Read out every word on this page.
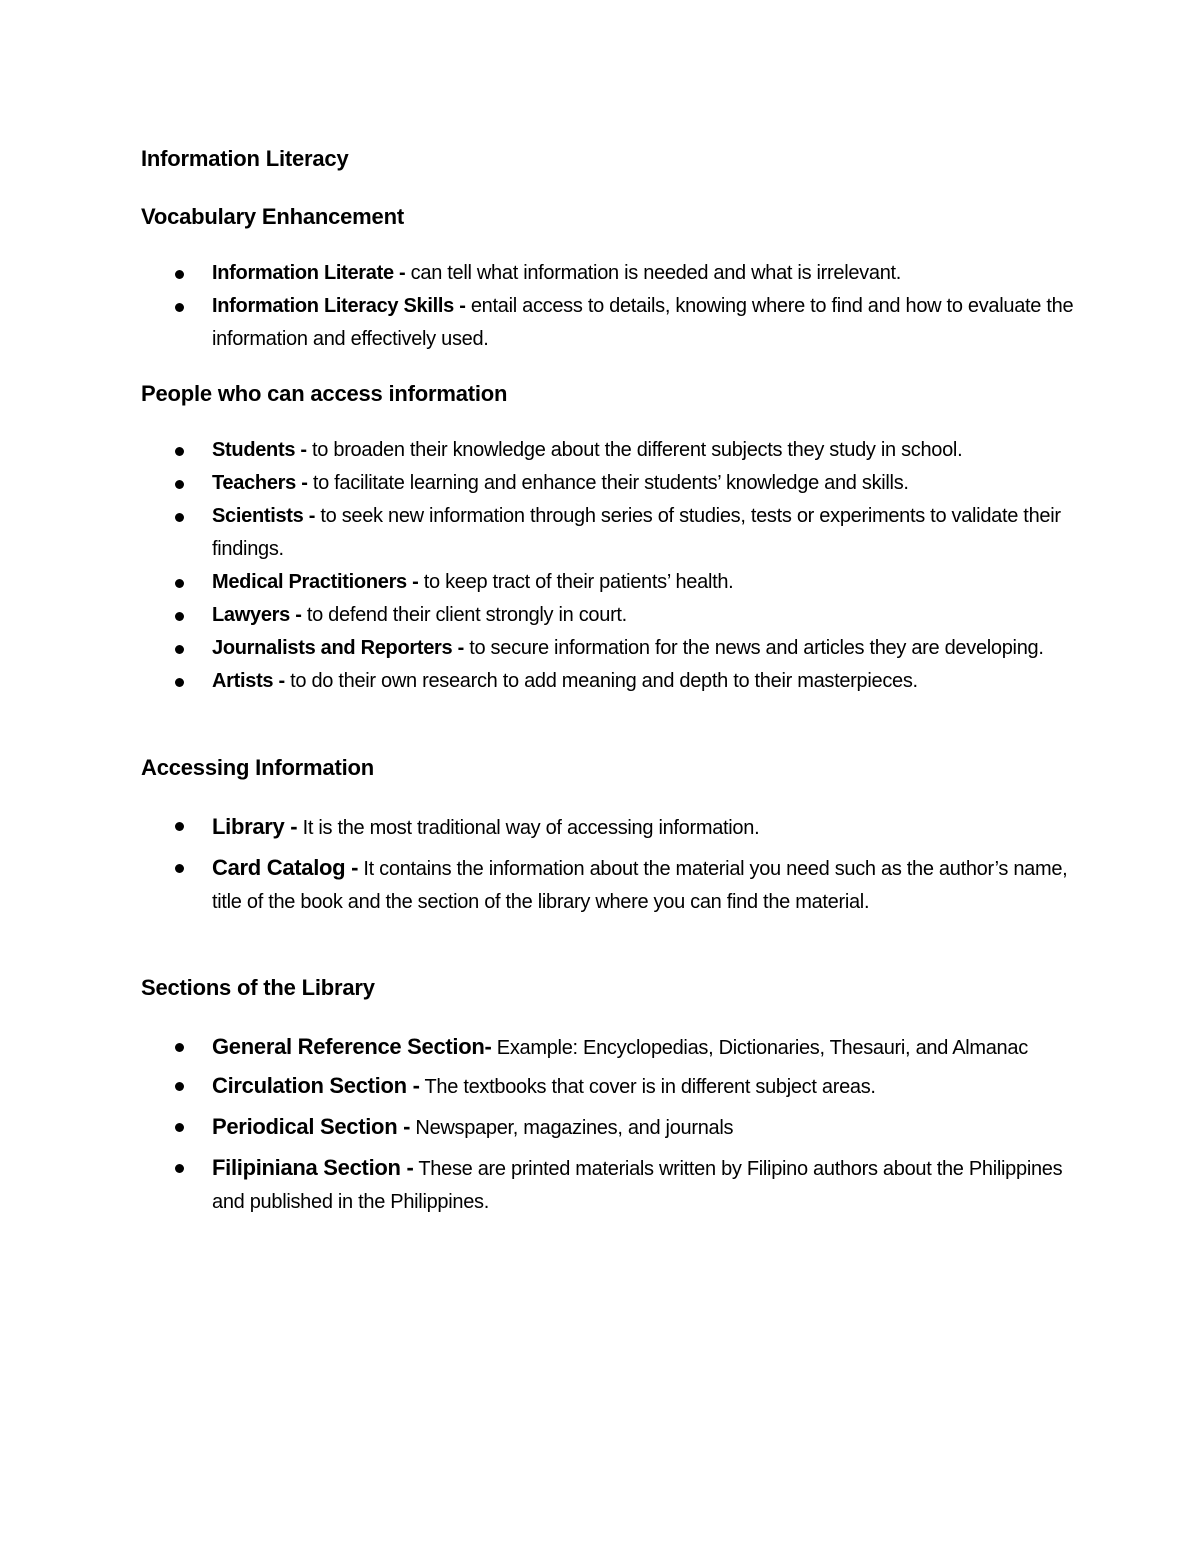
Information Literacy
Vocabulary Enhancement
Information Literate - can tell what information is needed and what is irrelevant.
Information Literacy Skills - entail access to details, knowing where to find and how to evaluate the information and effectively used.
People who can access information
Students - to broaden their knowledge about the different subjects they study in school.
Teachers - to facilitate learning and enhance their students’ knowledge and skills.
Scientists - to seek new information through series of studies, tests or experiments to validate their findings.
Medical Practitioners - to keep tract of their patients’ health.
Lawyers - to defend their client strongly in court.
Journalists and Reporters - to secure information for the news and articles they are developing.
Artists - to do their own research to add meaning and depth to their masterpieces.
Accessing Information
Library - It is the most traditional way of accessing information.
Card Catalog - It contains the information about the material you need such as the author’s name, title of the book and the section of the library where you can find the material.
Sections of the Library
General Reference Section- Example: Encyclopedias, Dictionaries, Thesauri, and Almanac
Circulation Section - The textbooks that cover is in different subject areas.
Periodical Section - Newspaper, magazines, and journals
Filipiniana Section - These are printed materials written by Filipino authors about the Philippines and published in the Philippines.
